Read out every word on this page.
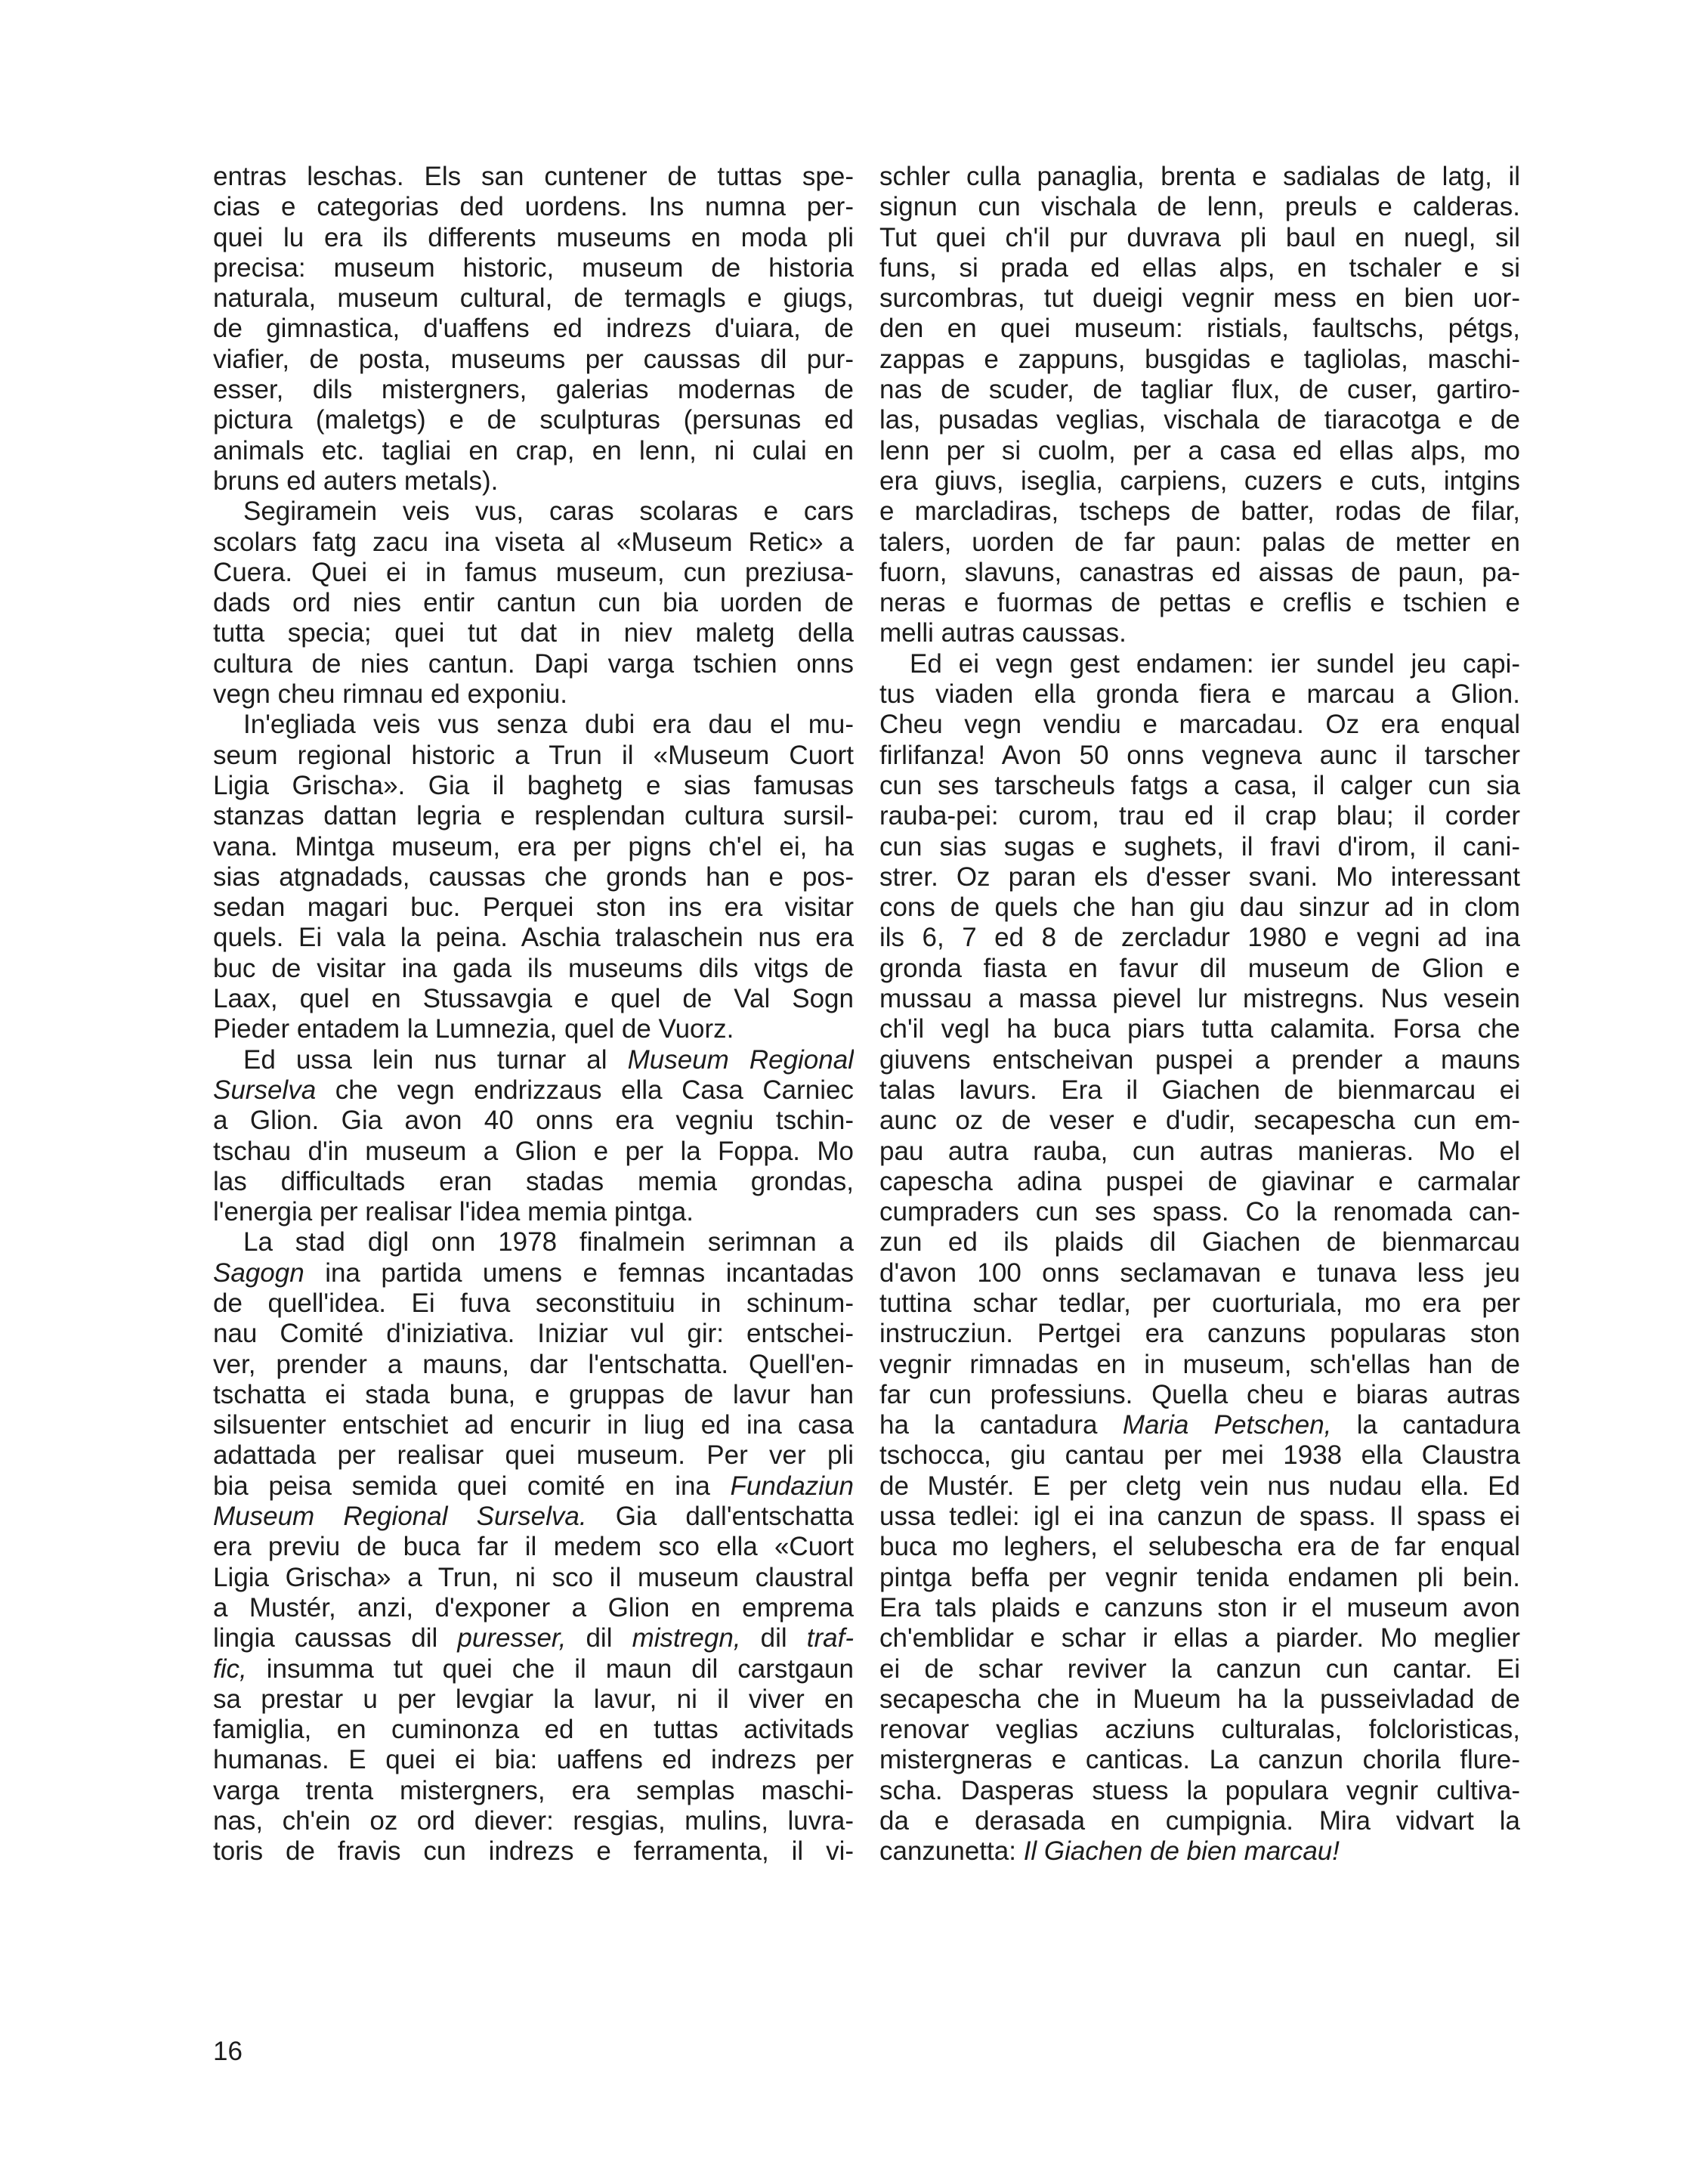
entras leschas. Els san cuntener de tuttas spe-
cias e categorias ded uordens. Ins numna per-
quei lu era ils differents museums en moda pli
precisa: museum historic, museum de historia
naturala, museum cultural, de termagls e giugs,
de gimnastica, d'uaffens ed indrezs d'uiara, de
viafier, de posta, museums per caussas dil pur-
esser, dils mistergners, galerias modernas de
pictura (maletgs) e de sculpturas (persunas ed
animals etc. tagliai en crap, en lenn, ni culai en
bruns ed auters metals).
Segiramein veis vus, caras scolaras e cars
scolars fatg zacu ina viseta al «Museum Retic» a
Cuera. Quei ei in famus museum, cun preziusa-
dads ord nies entir cantun cun bia uorden de
tutta specia; quei tut dat in niev maletg della
cultura de nies cantun. Dapi varga tschien onns
vegn cheu rimnau ed exponiu.
In'egliada veis vus senza dubi era dau el mu-
seum regional historic a Trun il «Museum Cuort
Ligia Grischa». Gia il baghetg e sias famusas
stanzas dattan legria e resplendan cultura sursil-
vana. Mintga museum, era per pigns ch'el ei, ha
sias atgnadads, caussas che gronds han e pos-
sedan magari buc. Perquei ston ins era visitar
quels. Ei vala la peina. Aschia tralaschein nus era
buc de visitar ina gada ils museums dils vitgs de
Laax, quel en Stussavgia e quel de Val Sogn
Pieder entadem la Lumnezia, quel de Vuorz.
Ed ussa lein nus turnar al Museum Regional
Surselva che vegn endrizzaus ella Casa Carniec
a Glion. Gia avon 40 onns era vegniu tschin-
tschau d'in museum a Glion e per la Foppa. Mo
las difficultads eran stadas memia grondas,
l'energia per realisar l'idea memia pintga.
La stad digl onn 1978 finalmein serimnan a
Sagogn ina partida umens e femnas incantadas
de quell'idea. Ei fuva seconstituiu in schinum-
nau Comité d'iniziativa. Iniziar vul gir: entschei-
ver, prender a mauns, dar l'entschatta. Quell'en-
tschatta ei stada buna, e gruppas de lavur han
silsuenter entschiet ad encurir in liug ed ina casa
adattada per realisar quei museum. Per ver pli
bia peisa semida quei comité en ina Fundaziun
Museum Regional Surselva. Gia dall'entschatta
era previu de buca far il medem sco ella «Cuort
Ligia Grischa» a Trun, ni sco il museum claustral
a Mustér, anzi, d'exponer a Glion en emprema
lingia caussas dil puresser, dil mistregn, dil traf-
fic, insumma tut quei che il maun dil carstgaun
sa prestar u per levgiar la lavur, ni il viver en
famiglia, en cuminonza ed en tuttas activitads
humanas. E quei ei bia: uaffens ed indrezs per
varga trenta mistergners, era semplas maschi-
nas, ch'ein oz ord diever: resgias, mulins, luvra-
toris de fravis cun indrezs e ferramenta, il vi-
schler culla panaglia, brenta e sadialas de latg, il
signun cun vischala de lenn, preuls e calderas.
Tut quei ch'il pur duvrava pli baul en nuegl, sil
funs, si prada ed ellas alps, en tschaler e si
surcombras, tut dueigi vegnir mess en bien uor-
den en quei museum: ristials, faultschs, pétgs,
zappas e zappuns, busgidas e tagliolas, maschi-
nas de scuder, de tagliar flux, de cuser, gartiro-
las, pusadas veglias, vischala de tiaracotga e de
lenn per si cuolm, per a casa ed ellas alps, mo
era giuvs, iseglia, carpiens, cuzers e cuts, intgins
e marcladiras, tscheps de batter, rodas de filar,
talers, uorden de far paun: palas de metter en
fuorn, slavuns, canastras ed aissas de paun, pa-
neras e fuormas de pettas e creflis e tschien e
melli autras caussas.
Ed ei vegn gest endamen: ier sundel jeu capi-
tus viaden ella gronda fiera e marcau a Glion.
Cheu vegn vendiu e marcadau. Oz era enqual
firlifanza! Avon 50 onns vegneva aunc il tarscher
cun ses tarscheuls fatgs a casa, il calger cun sia
rauba-pei: curom, trau ed il crap blau; il corder
cun sias sugas e sughets, il fravi d'irom, il cani-
strer. Oz paran els d'esser svani. Mo interessant
cons de quels che han giu dau sinzur ad in clom
ils 6, 7 ed 8 de zercladur 1980 e vegni ad ina
gronda fiasta en favur dil museum de Glion e
mussau a massa pievel lur mistregns. Nus vesein
ch'il vegl ha buca piars tutta calamita. Forsa che
giuvens entscheivan puspei a prender a mauns
talas lavurs. Era il Giachen de bienmarcau ei
aunc oz de veser e d'udir, secapescha cun em-
pau autra rauba, cun autras manieras. Mo el
capescha adina puspei de giavinar e carmalar
cumpraders cun ses spass. Co la renomada can-
zun ed ils plaids dil Giachen de bienmarcau
d'avon 100 onns seclamavan e tunava less jeu
tuttina schar tedlar, per cuorturiala, mo era per
instrucziun. Pertgei era canzuns popularas ston
vegnir rimnadas en in museum, sch'ellas han de
far cun professiuns. Quella cheu e biaras autras
ha la cantadura Maria Petschen, la cantadura
tschocca, giu cantau per mei 1938 ella Claustra
de Mustér. E per cletg vein nus nudau ella. Ed
ussa tedlei: igl ei ina canzun de spass. Il spass ei
buca mo leghers, el selubescha era de far enqual
pintga beffa per vegnir tenida endamen pli bein.
Era tals plaids e canzuns ston ir el museum avon
ch'emblidar e schar ir ellas a piarder. Mo meglier
ei de schar reviver la canzun cun cantar. Ei
secapescha che in Mueum ha la pusseivladad de
renovar veglias acziuns culturalas, folcloristicas,
mistergneras e canticas. La canzun chorila flure-
scha. Dasperas stuess la populara vegnir cultiva-
da e derasada en cumpignia. Mira vidvart la
canzunetta: Il Giachen de bien marcau!
16
